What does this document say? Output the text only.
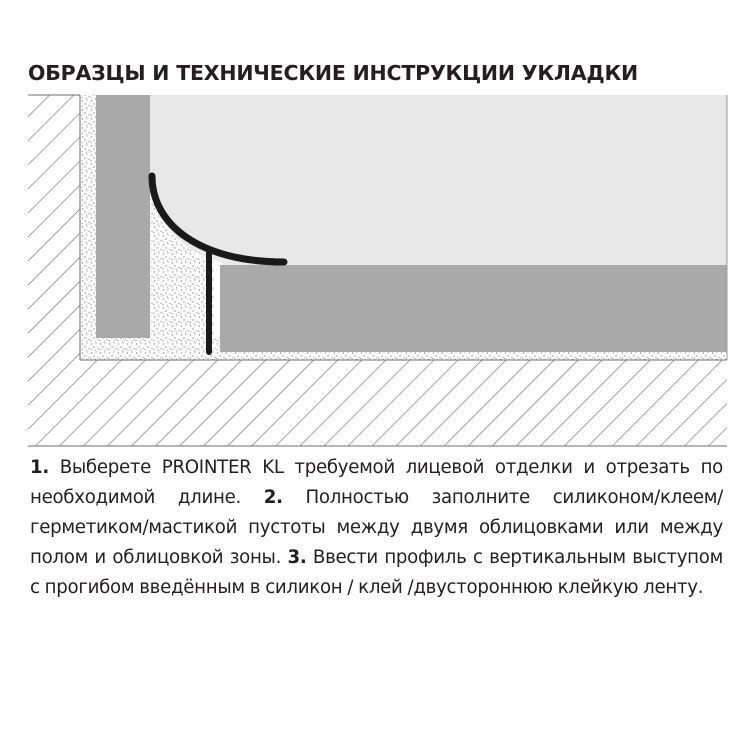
ОБРАЗЦЫ И ТЕХНИЧЕСКИЕ ИНСТРУКЦИИ УКЛАДКИ

1. Выберете PROINTER KL требуемой лицевой отделки и отрезать по необходимой длине. 2. Полностью заполните силиконом/клеем/герметиком/мастикой пустоты между двумя облицовками или между полом и облицовкой зоны. 3. Ввести профиль с вертикальным выступом с прогибом введённым в силикон / клей /двустороннюю клейкую ленту.
